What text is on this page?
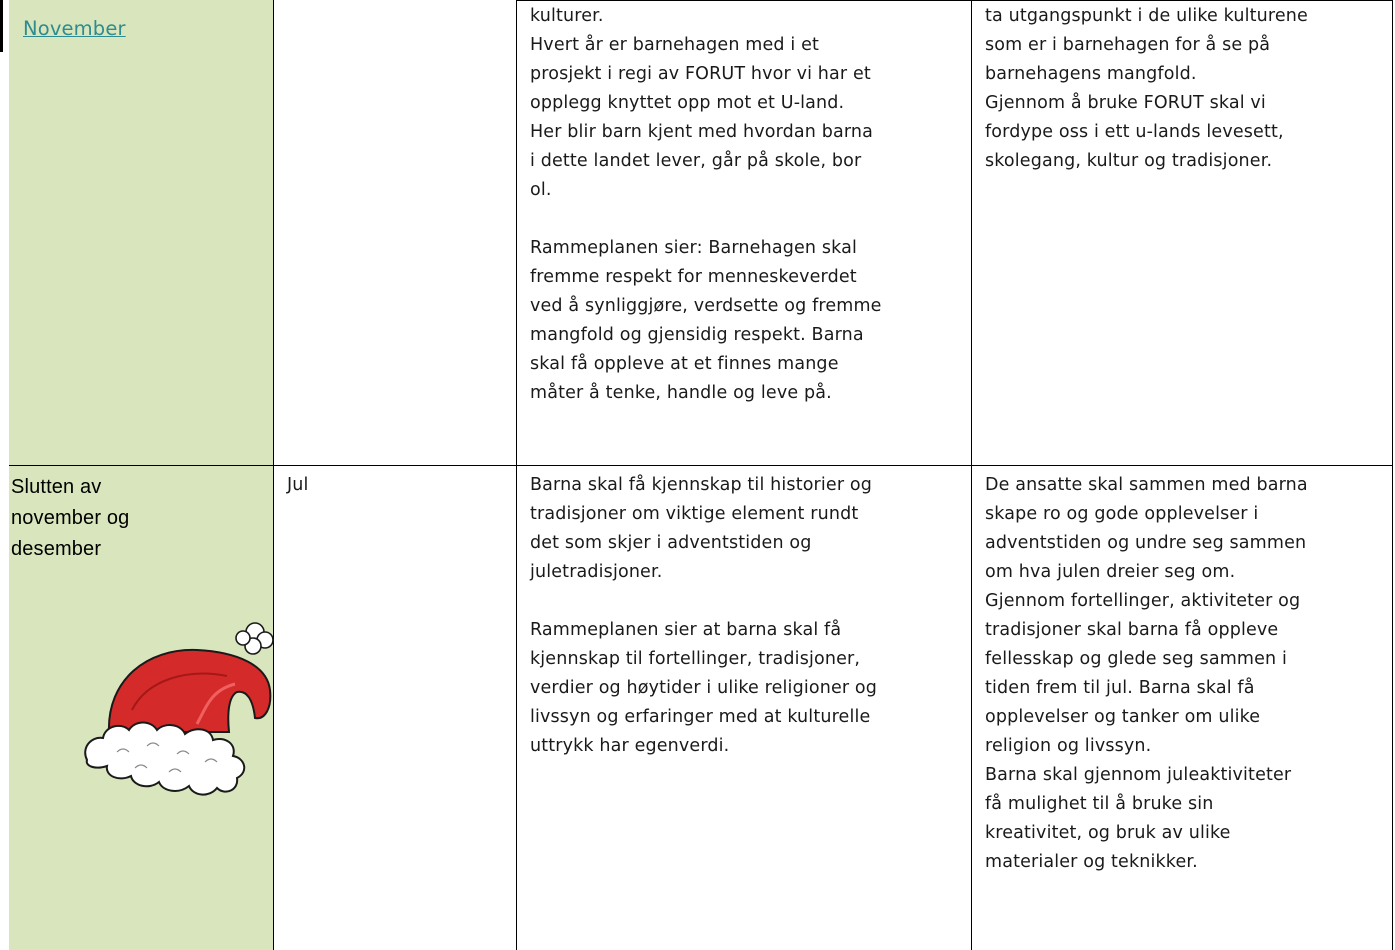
November
kulturer.
Hvert år er barnehagen med i et
prosjekt i regi av FORUT hvor vi har et
opplegg knyttet opp mot et U-land.
Her blir barn kjent med hvordan barna
i dette landet lever, går på skole, bor
ol.
Rammeplanen sier: Barnehagen skal
fremme respekt for menneskeverdet
ved å synliggjøre, verdsette og fremme
mangfold og gjensidig respekt. Barna
skal få oppleve at et finnes mange
måter å tenke, handle og leve på.
ta utgangspunkt i de ulike kulturene
som er i barnehagen for å se på
barnehagens mangfold.
Gjennom å bruke FORUT skal vi
fordype oss i ett u-lands levesett,
skolegang, kultur og tradisjoner.
Slutten av
november og
desember
Jul	Barna skal få kjennskap til historier og
tradisjoner om viktige element rundt
det som skjer i adventstiden og
juletradisjoner.
Rammeplanen sier at barna skal få
kjennskap til fortellinger, tradisjoner,
verdier og høytider i ulike religioner og
livssyn og erfaringer med at kulturelle
uttrykk har egenverdi.
De ansatte skal sammen med barna
skape ro og gode opplevelser i
adventstiden og undre seg sammen
om hva julen dreier seg om.
Gjennom fortellinger, aktiviteter og
tradisjoner skal barna få oppleve
fellesskap og glede seg sammen i
tiden frem til jul. Barna skal få
opplevelser og tanker om ulike
religion og livssyn.
Barna skal gjennom juleaktiviteter
få mulighet til å bruke sin
kreativitet, og bruk av ulike
materialer og teknikker.
